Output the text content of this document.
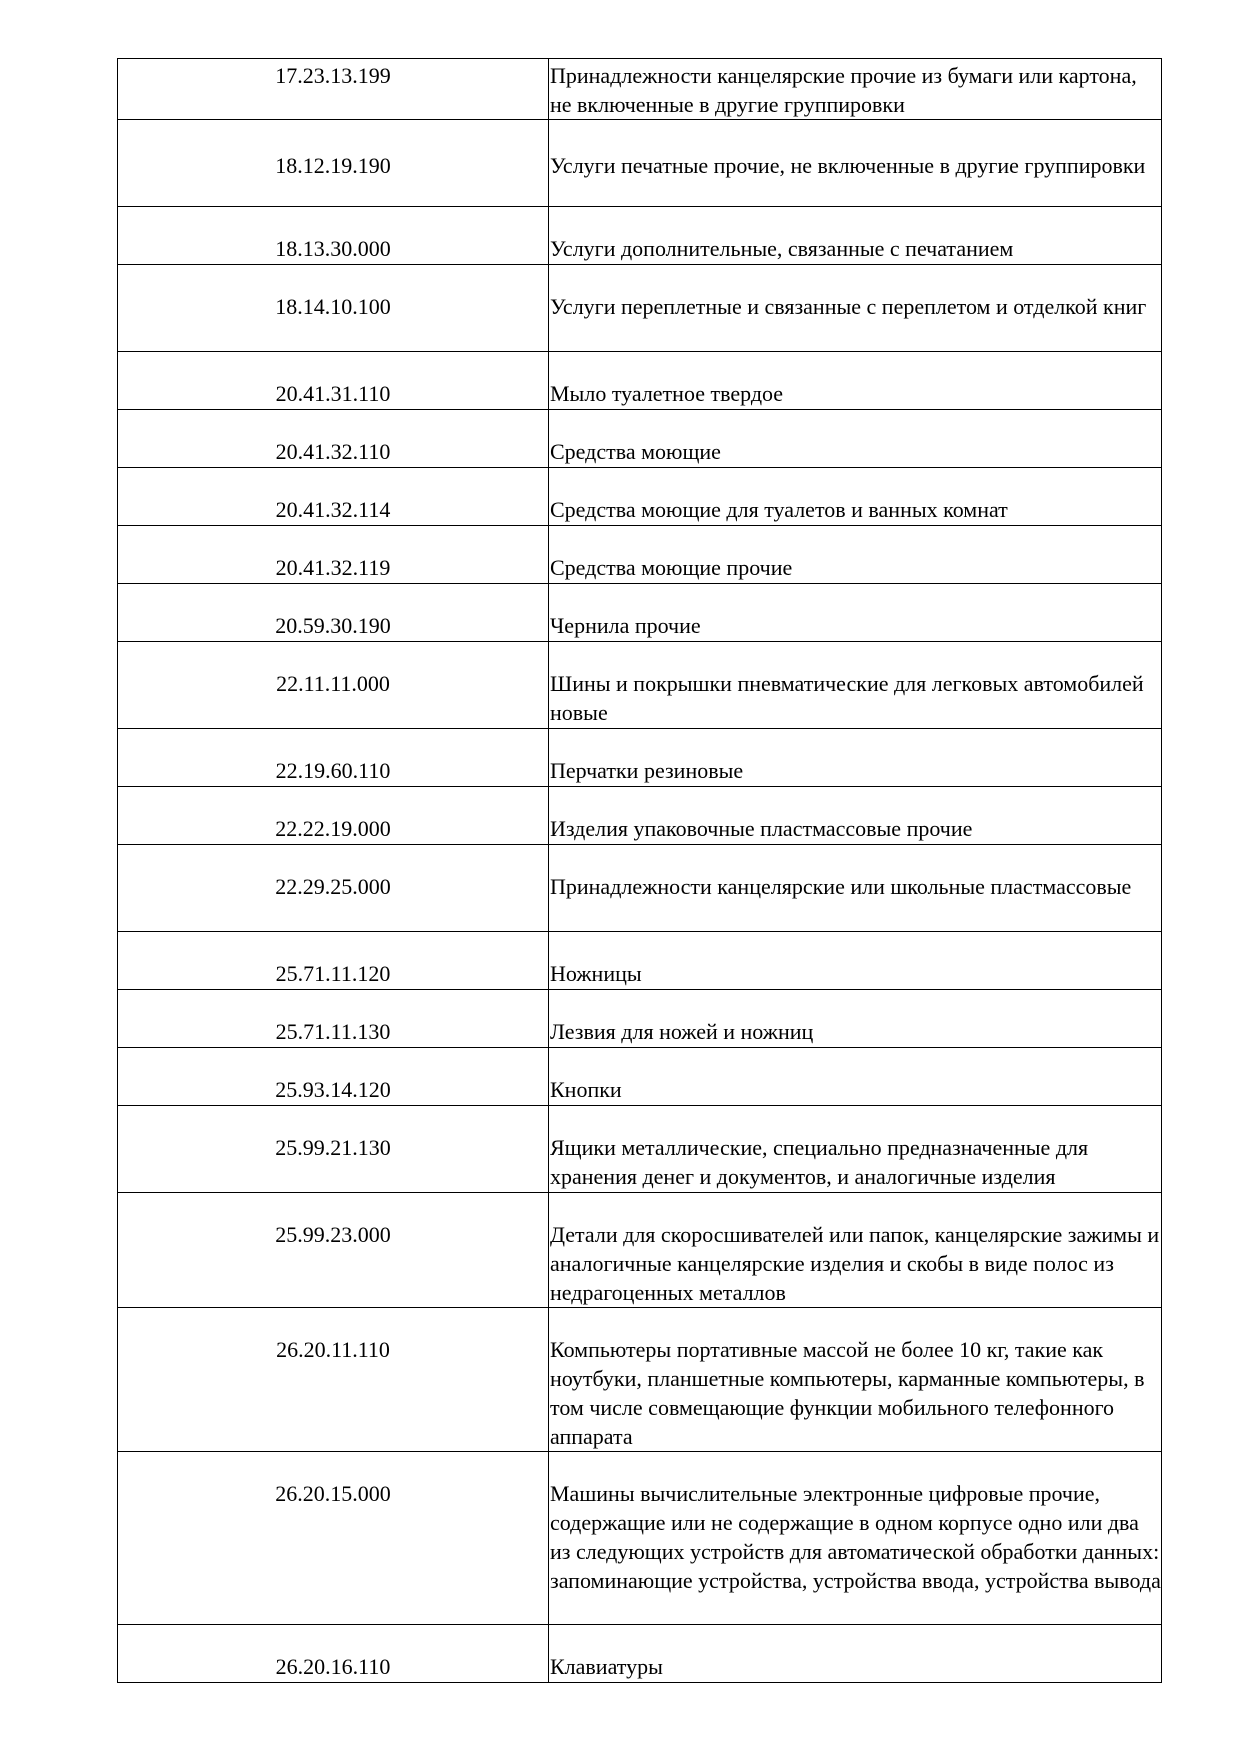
17.23.13.199	Принадлежности канцелярские прочие из бумаги или картона, не включенные в другие группировки

18.12.19.190	Услуги печатные прочие, не включенные в другие группировки

18.13.30.000	Услуги дополнительные, связанные с печатанием

18.14.10.100	Услуги переплетные и связанные с переплетом и отделкой книг

20.41.31.110	Мыло туалетное твердое

20.41.32.110	Средства моющие

20.41.32.114	Средства моющие для туалетов и ванных комнат

20.41.32.119	Средства моющие прочие

20.59.30.190	Чернила прочие

22.11.11.000	Шины и покрышки пневматические для легковых автомобилей новые

22.19.60.110	Перчатки резиновые

22.22.19.000	Изделия упаковочные пластмассовые прочие

22.29.25.000	Принадлежности канцелярские или школьные пластмассовые

25.71.11.120	Ножницы

25.71.11.130	Лезвия для ножей и ножниц

25.93.14.120	Кнопки

25.99.21.130	Ящики металлические, специально предназначенные для хранения денег и документов, и аналогичные изделия

25.99.23.000	Детали для скоросшивателей или папок, канцелярские зажимы и аналогичные канцелярские изделия и скобы в виде полос из недрагоценных металлов

26.20.11.110	Компьютеры портативные массой не более 10 кг, такие как ноутбуки, планшетные компьютеры, карманные компьютеры, в том числе совмещающие функции мобильного телефонного аппарата

26.20.15.000	Машины вычислительные электронные цифровые прочие, содержащие или не содержащие в одном корпусе одно или два из следующих устройств для автоматической обработки данных: запоминающие устройства, устройства ввода, устройства вывода

26.20.16.110	Клавиатуры
